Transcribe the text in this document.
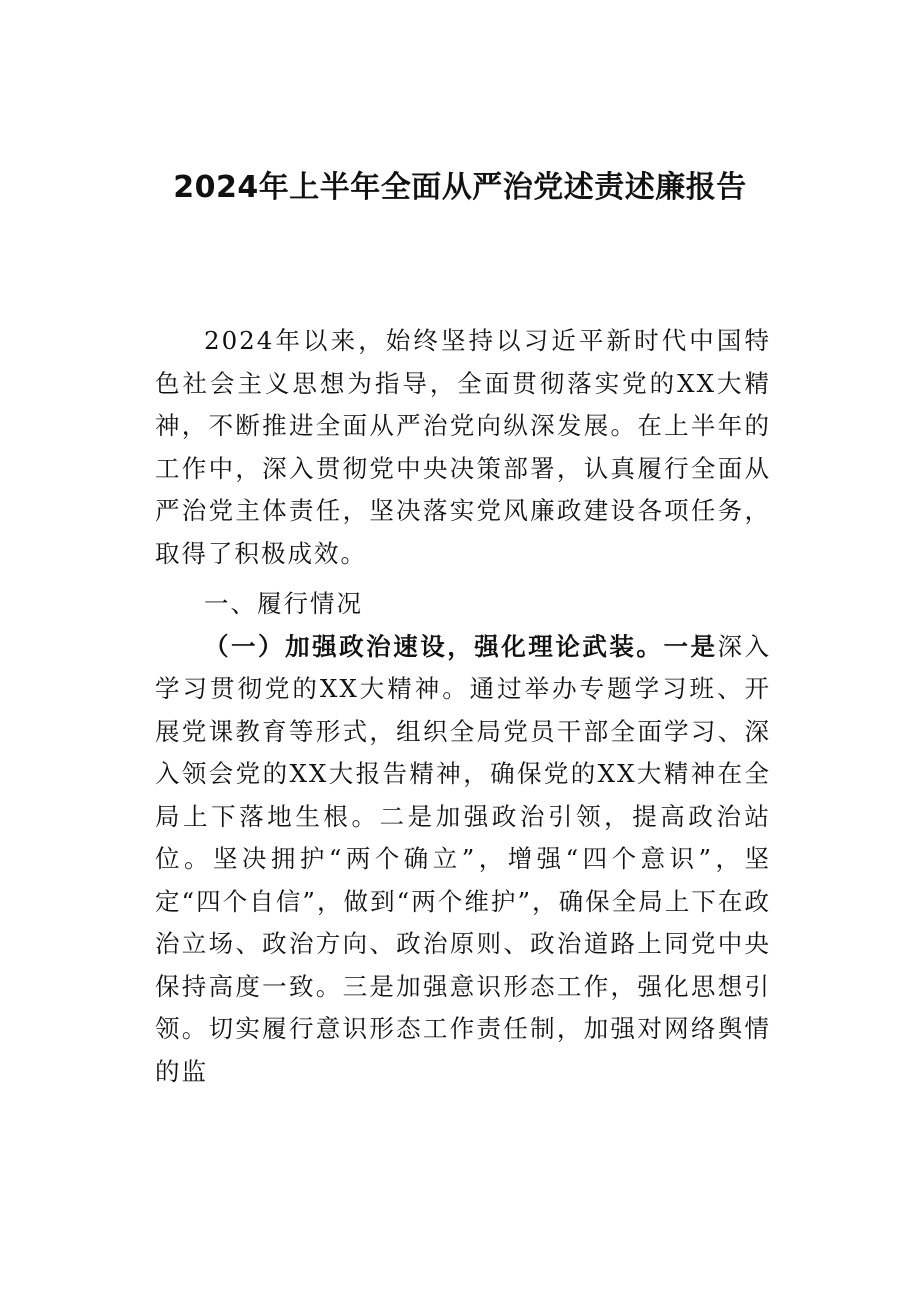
2024年上半年全面从严治党述责述廉报告

2024年以来，始终坚持以习近平新时代中国特色社会主义思想为指导，全面贯彻落实党的XX大精神，不断推进全面从严治党向纵深发展。在上半年的工作中，深入贯彻党中央决策部署，认真履行全面从严治党主体责任，坚决落实党风廉政建设各项任务，取得了积极成效。

一、履行情况

（一）加强政治速设，强化理论武装。一是深入学习贯彻党的XX大精神。通过举办专题学习班、开展党课教育等形式，组织全局党员干部全面学习、深入领会党的XX大报告精神，确保党的XX大精神在全局上下落地生根。二是加强政治引领，提高政治站位。坚决拥护“两个确立”，增强“四个意识”，坚定“四个自信”，做到“两个维护”，确保全局上下在政治立场、政治方向、政治原则、政治道路上同党中央保持高度一致。三是加强意识形态工作，强化思想引领。切实履行意识形态工作责任制，加强对网络舆情的监
